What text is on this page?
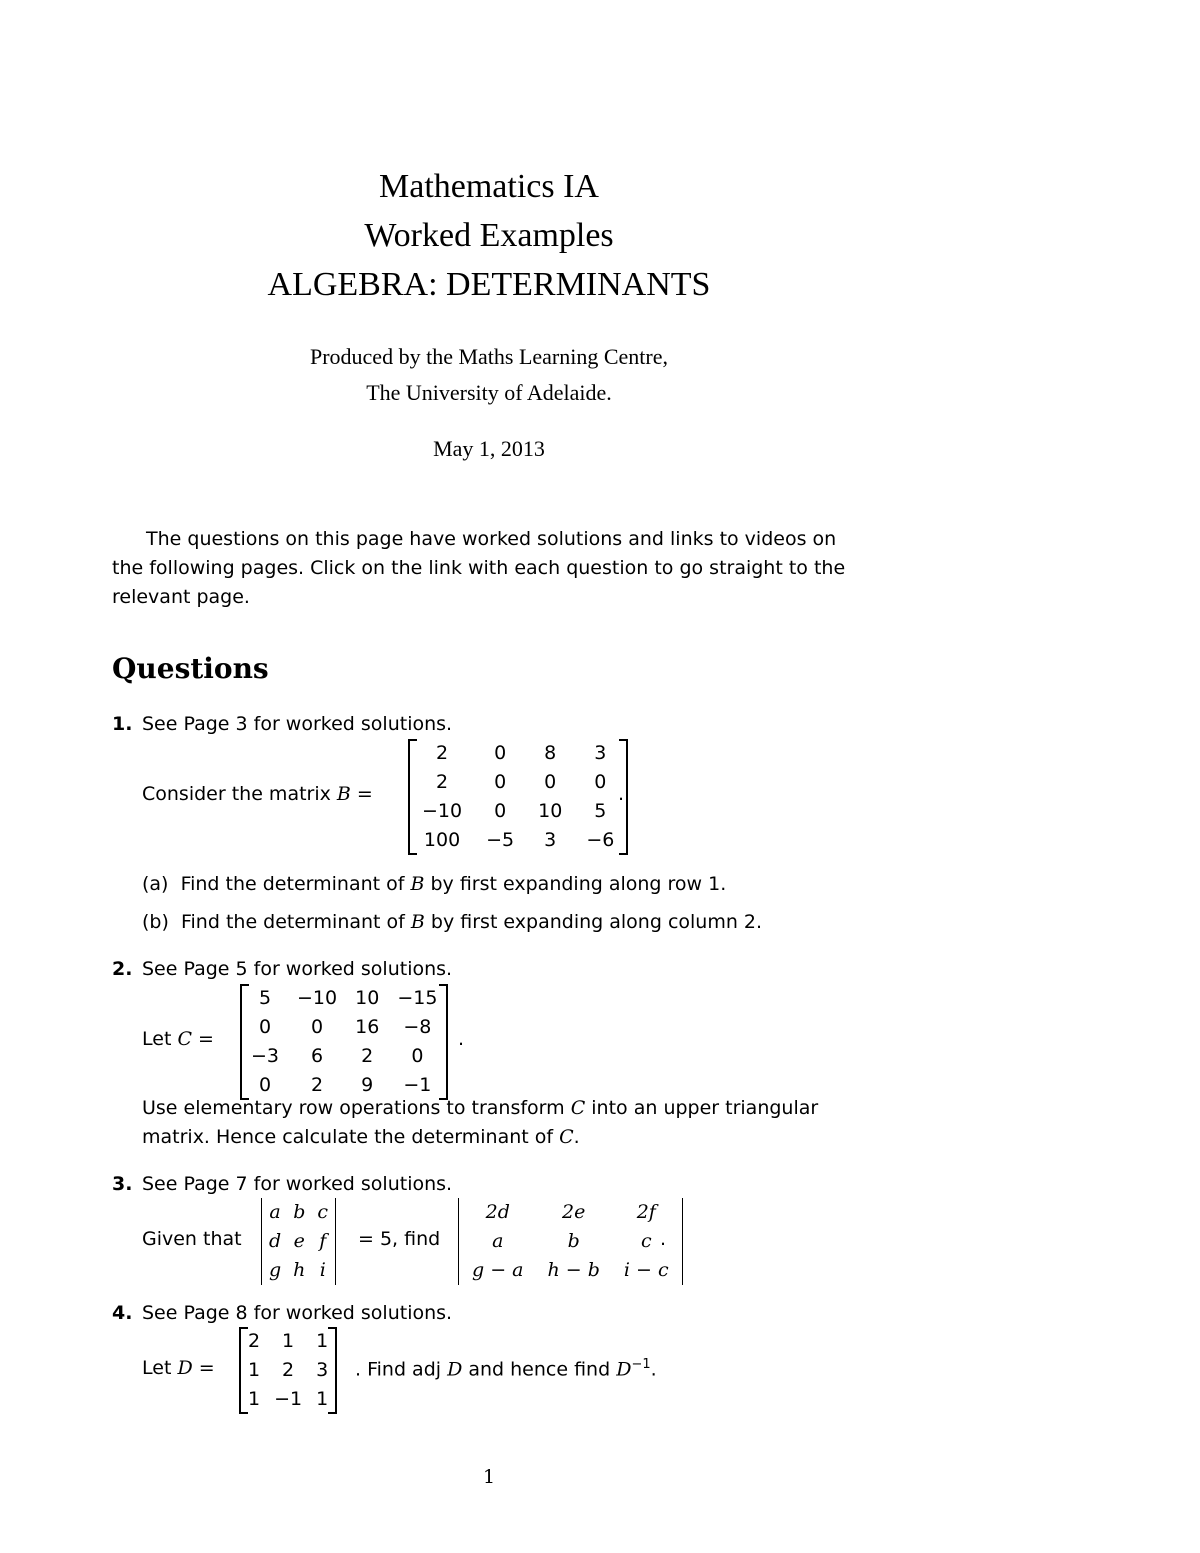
Mathematics IA
Worked Examples
ALGEBRA: DETERMINANTS
Produced by the Maths Learning Centre,
The University of Adelaide.
May 1, 2013
The questions on this page have worked solutions and links to videos on the following pages. Click on the link with each question to go straight to the relevant page.
Questions
1. See Page 3 for worked solutions.
Consider the matrix B =
2	0	8	3
2	0	0	0
−10	0	10	5
100	−5	3	−6
.
(a) Find the determinant of B by first expanding along row 1.
(b) Find the determinant of B by first expanding along column 2.
2. See Page 5 for worked solutions.
Let C =
5	−10	10	−15
0	0	16	−8
−3	6	2	0
0	2	9	−1
.
Use elementary row operations to transform C into an upper triangular
matrix. Hence calculate the determinant of C.
3. See Page 7 for worked solutions.
Given that
a	b	c
d	e	f
g	h	i
= 5, find
2d	2e	2f
a	b	c
g − a	h − b	i − c
.
4. See Page 8 for worked solutions.
Let D =
2	1	1
1	2	3
1	−1	1
. Find adj D and hence find $D^{-1}$.
1
